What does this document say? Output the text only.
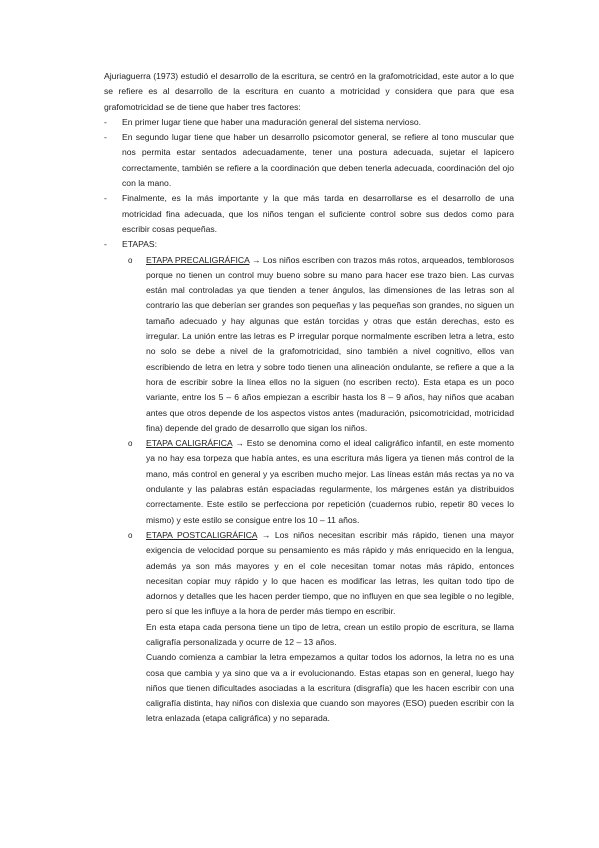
Ajuriaguerra (1973) estudió el desarrollo de la escritura, se centró en la grafomotricidad, este autor a lo que se refiere es al desarrollo de la escritura en cuanto a motricidad y considera que para que esa grafomotricidad se de tiene que haber tres factores:

- En primer lugar tiene que haber una maduración general del sistema nervioso.
- En segundo lugar tiene que haber un desarrollo psicomotor general, se refiere al tono muscular que nos permita estar sentados adecuadamente, tener una postura adecuada, sujetar el lapicero correctamente, también se refiere a la coordinación que deben tenerla adecuada, coordinación del ojo con la mano.
- Finalmente, es la más importante y la que más tarda en desarrollarse es el desarrollo de una motricidad fina adecuada, que los niños tengan el suficiente control sobre sus dedos como para escribir cosas pequeñas.
- ETAPAS:
o ETAPA PRECALIGRÁFICA → Los niños escriben con trazos más rotos, arqueados, temblorosos porque no tienen un control muy bueno sobre su mano para hacer ese trazo bien. Las curvas están mal controladas ya que tienden a tener ángulos, las dimensiones de las letras son al contrario las que deberían ser grandes son pequeñas y las pequeñas son grandes, no siguen un tamaño adecuado y hay algunas que están torcidas y otras que están derechas, esto es irregular. La unión entre las letras es P irregular porque normalmente escriben letra a letra, esto no solo se debe a nivel de la grafomotricidad, sino también a nivel cognitivo, ellos van escribiendo de letra en letra y sobre todo tienen una alineación ondulante, se refiere a que a la hora de escribir sobre la línea ellos no la siguen (no escriben recto). Esta etapa es un poco variante, entre los 5 – 6 años empiezan a escribir hasta los 8 – 9 años, hay niños que acaban antes que otros depende de los aspectos vistos antes (maduración, psicomotricidad, motricidad fina) depende del grado de desarrollo que sigan los niños.
o ETAPA CALIGRÁFICA → Esto se denomina como el ideal caligráfico infantil, en este momento ya no hay esa torpeza que había antes, es una escritura más ligera ya tienen más control de la mano, más control en general y ya escriben mucho mejor. Las líneas están más rectas ya no va ondulante y las palabras están espaciadas regularmente, los márgenes están ya distribuidos correctamente. Este estilo se perfecciona por repetición (cuadernos rubio, repetir 80 veces lo mismo) y este estilo se consigue entre los 10 – 11 años.
o ETAPA POSTCALIGRÁFICA → Los niños necesitan escribir más rápido, tienen una mayor exigencia de velocidad porque su pensamiento es más rápido y más enriquecido en la lengua, además ya son más mayores y en el cole necesitan tomar notas más rápido, entonces necesitan copiar muy rápido y lo que hacen es modificar las letras, les quitan todo tipo de adornos y detalles que les hacen perder tiempo, que no influyen en que sea legible o no legible, pero sí que les influye a la hora de perder más tiempo en escribir.

En esta etapa cada persona tiene un tipo de letra, crean un estilo propio de escritura, se llama caligrafía personalizada y ocurre de 12 – 13 años.

Cuando comienza a cambiar la letra empezamos a quitar todos los adornos, la letra no es una cosa que cambia y ya sino que va a ir evolucionando. Estas etapas son en general, luego hay niños que tienen dificultades asociadas a la escritura (disgrafía) que les hacen escribir con una caligrafía distinta, hay niños con dislexia que cuando son mayores (ESO) pueden escribir con la letra enlazada (etapa caligráfica) y no separada.
